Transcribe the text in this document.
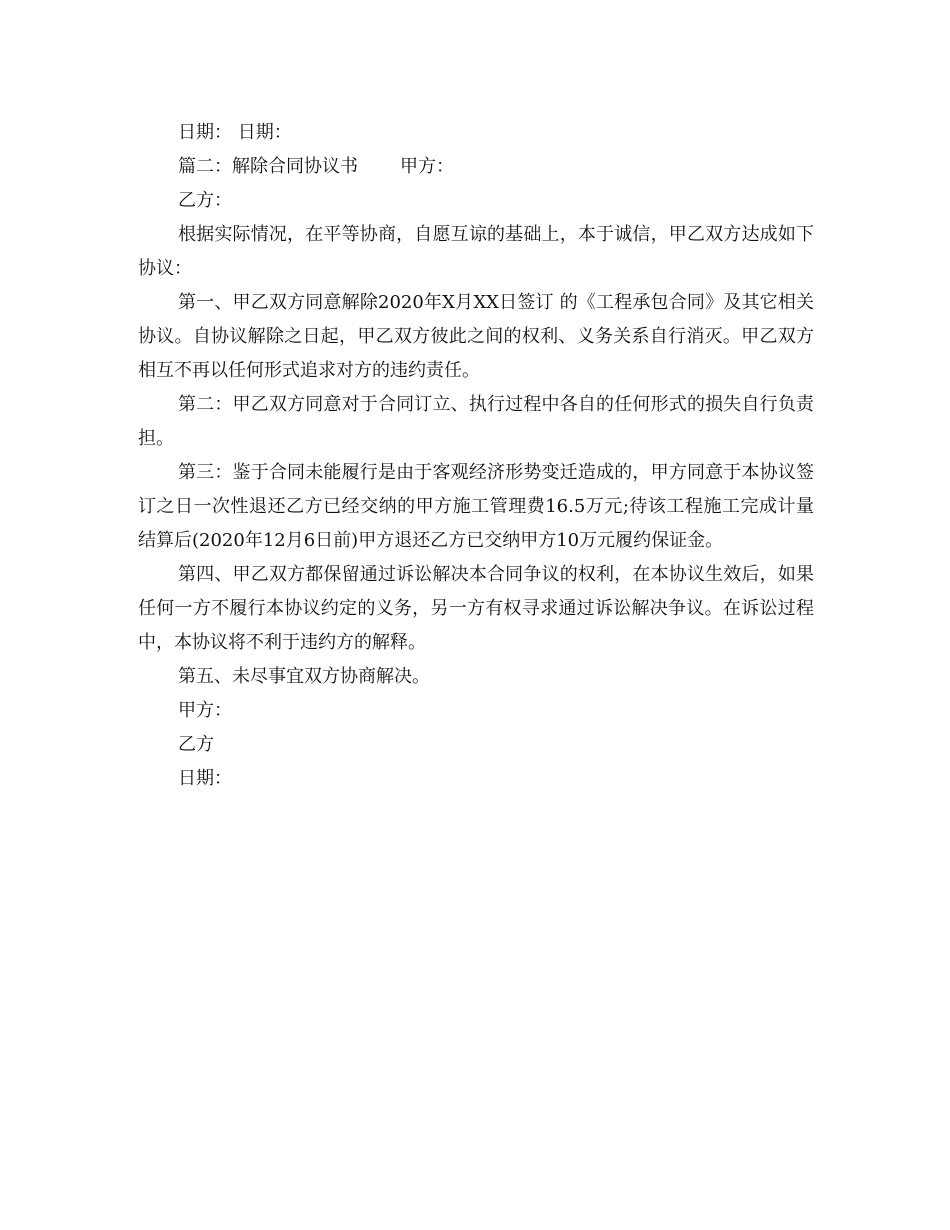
日期： 日期：

篇二：解除合同协议书 甲方：

乙方：

根据实际情况，在平等协商，自愿互谅的基础上，本于诚信，甲乙双方达成如下协议：

第一、甲乙双方同意解除2020年X月XX日签订 的《工程承包合同》及其它相关协议。自协议解除之日起，甲乙双方彼此之间的权利、义务关系自行消灭。甲乙双方相互不再以任何形式追求对方的违约责任。

第二：甲乙双方同意对于合同订立、执行过程中各自的任何形式的损失自行负责担。

第三：鉴于合同未能履行是由于客观经济形势变迁造成的，甲方同意于本协议签订之日一次性退还乙方已经交纳的甲方施工管理费16.5万元;待该工程施工完成计量结算后(2020年12月6日前)甲方退还乙方已交纳甲方10万元履约保证金。

第四、甲乙双方都保留通过诉讼解决本合同争议的权利，在本协议生效后，如果任何一方不履行本协议约定的义务，另一方有权寻求通过诉讼解决争议。在诉讼过程中，本协议将不利于违约方的解释。

第五、未尽事宜双方协商解决。

甲方：

乙方

日期：
